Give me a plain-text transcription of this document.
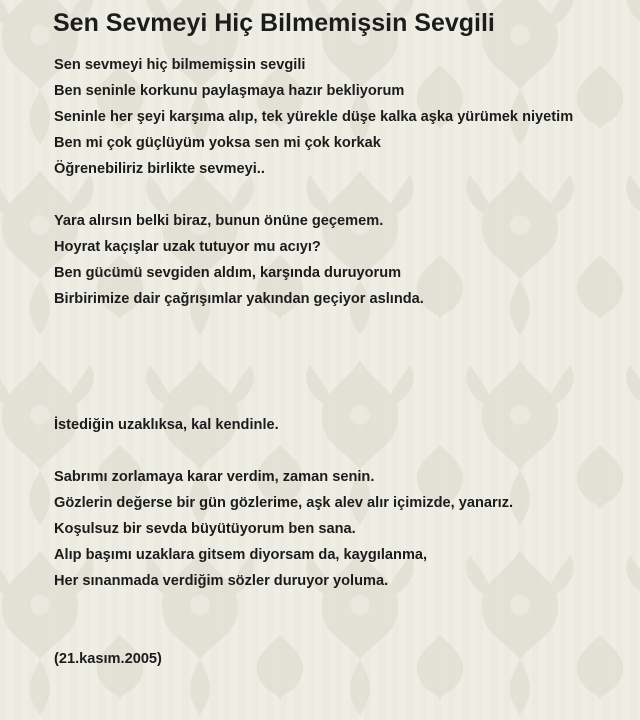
Sen Sevmeyi Hiç Bilmemişsin Sevgili

Sen sevmeyi hiç bilmemişsin sevgili

Ben seninle korkunu paylaşmaya hazır bekliyorum

Seninle her şeyi karşıma alıp, tek yürekle düşe kalka aşka yürümek niyetim

Ben mi çok güçlüyüm yoksa sen mi çok korkak

Öğrenebiliriz birlikte sevmeyi..

Yara alırsın belki biraz, bunun önüne geçemem.

Hoyrat kaçışlar uzak tutuyor mu acıyı?

Ben gücümü sevgiden aldım, karşında duruyorum

Birbirimize dair çağrışımlar yakından geçiyor aslında.

İstediğin uzaklıksa, kal kendinle.

Sabrımı zorlamaya karar verdim, zaman senin.

Gözlerin değerse bir gün gözlerime, aşk alev alır içimizde, yanarız.

Koşulsuz bir sevda büyütüyorum ben sana.

Alıp başımı uzaklara gitsem diyorsam da, kaygılanma,

Her sınanmada verdiğim sözler duruyor yoluma.

(21.kasım.2005)
